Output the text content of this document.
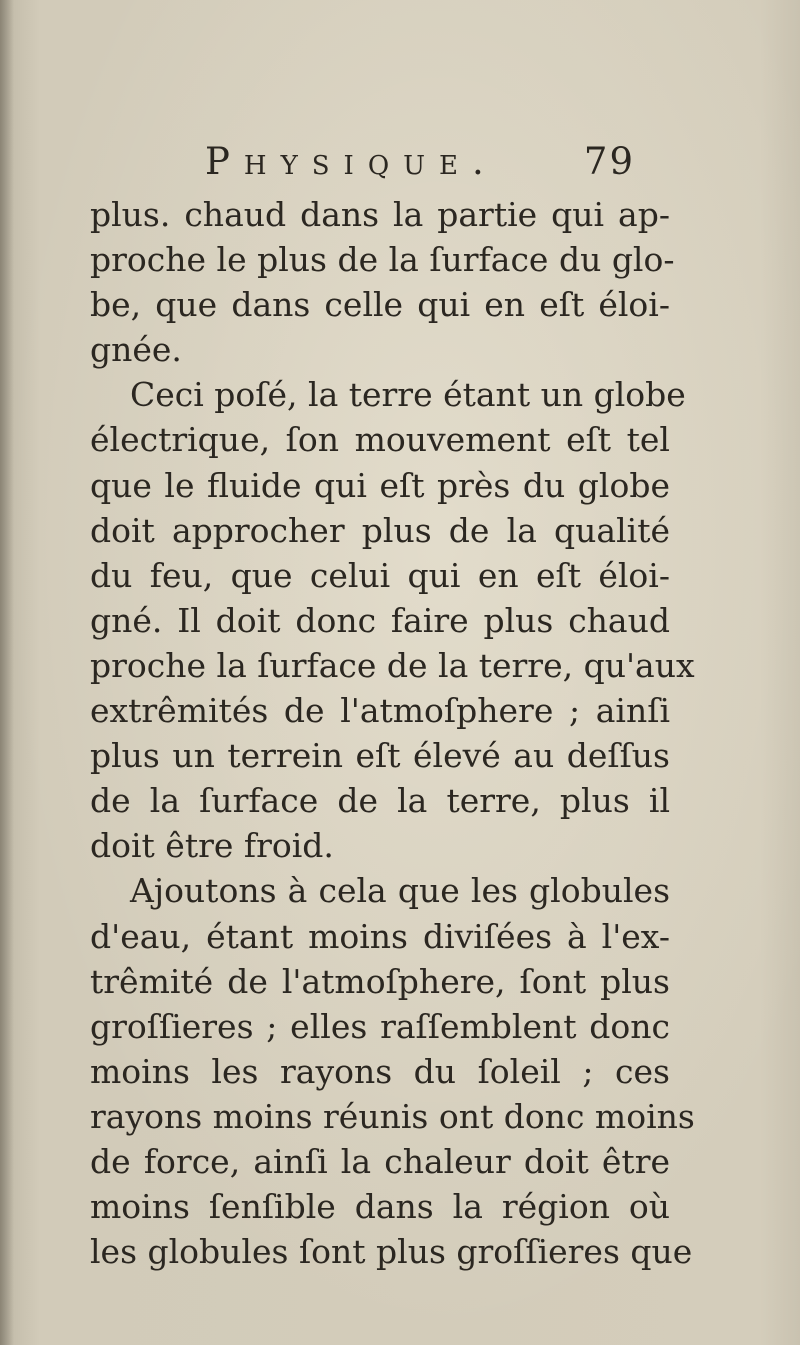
Physique. 79
plus. chaud dans la partie qui ap-
proche le plus de la ſurface du glo-
be, que dans celle qui en eſt éloi-
gnée.
Ceci poſé, la terre étant un globe
électrique, ſon mouvement eſt tel
que le fluide qui eſt près du globe
doit approcher plus de la qualité
du feu, que celui qui en eſt éloi-
gné. Il doit donc faire plus chaud
proche la ſurface de la terre, qu'aux
extrêmités de l'atmoſphere ; ainſi
plus un terrein eſt élevé au deſſus
de la ſurface de la terre, plus il
doit être froid.
Ajoutons à cela que les globules
d'eau, étant moins diviſées à l'ex-
trêmité de l'atmoſphere, ſont plus
groſſieres ; elles raſſemblent donc
moins les rayons du ſoleil ; ces
rayons moins réunis ont donc moins
de force, ainſi la chaleur doit être
moins ſenſible dans la région où
les globules ſont plus groſſieres que
